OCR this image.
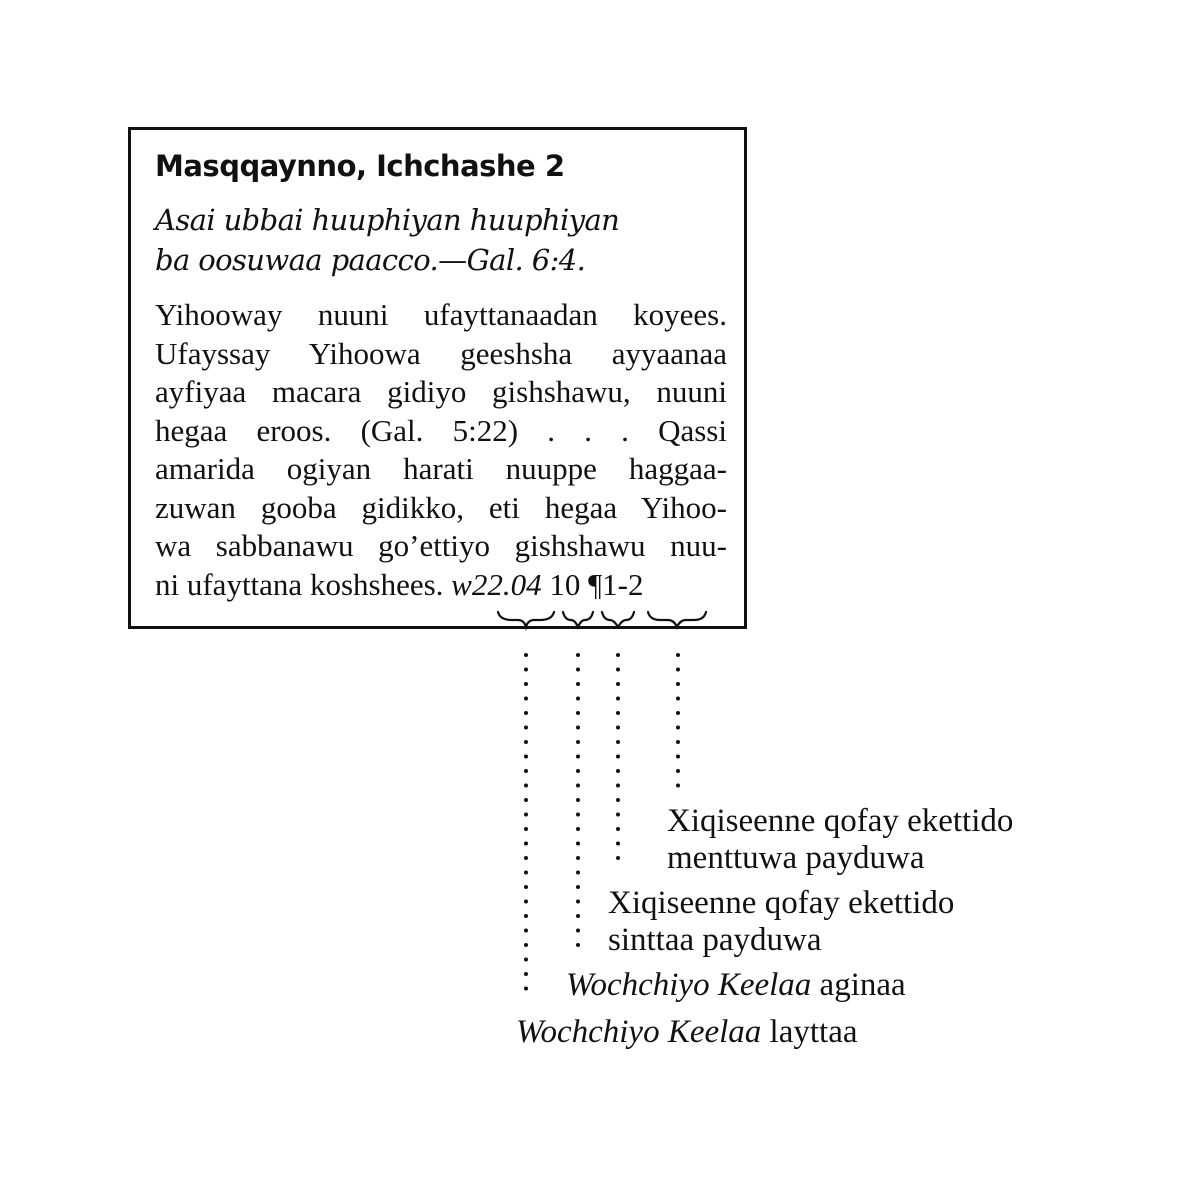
Masqqaynno, Ichchashe 2
Asai ubbai huuphiyan huuphiyan
ba oosuwaa paacco.—Gal. 6:4.
Yihooway nuuni ufayttanaadan koyees.
Ufayssay Yihoowa geeshsha ayyaanaa
ayfiyaa macara gidiyo gishshawu, nuuni
hegaa eroos. (Gal. 5:22) . . . Qassi
amarida ogiyan harati nuuppe haggaa-
zuwan gooba gidikko, eti hegaa Yihoo-
wa sabbanawu go’ettiyo gishshawu nuu-
ni ufayttana koshshees. w22.04 10 ¶1-2
Xiqiseenne qofay ekettido
menttuwa payduwa
Xiqiseenne qofay ekettido
sinttaa payduwa
Wochchiyo Keelaa aginaa
Wochchiyo Keelaa layttaa
